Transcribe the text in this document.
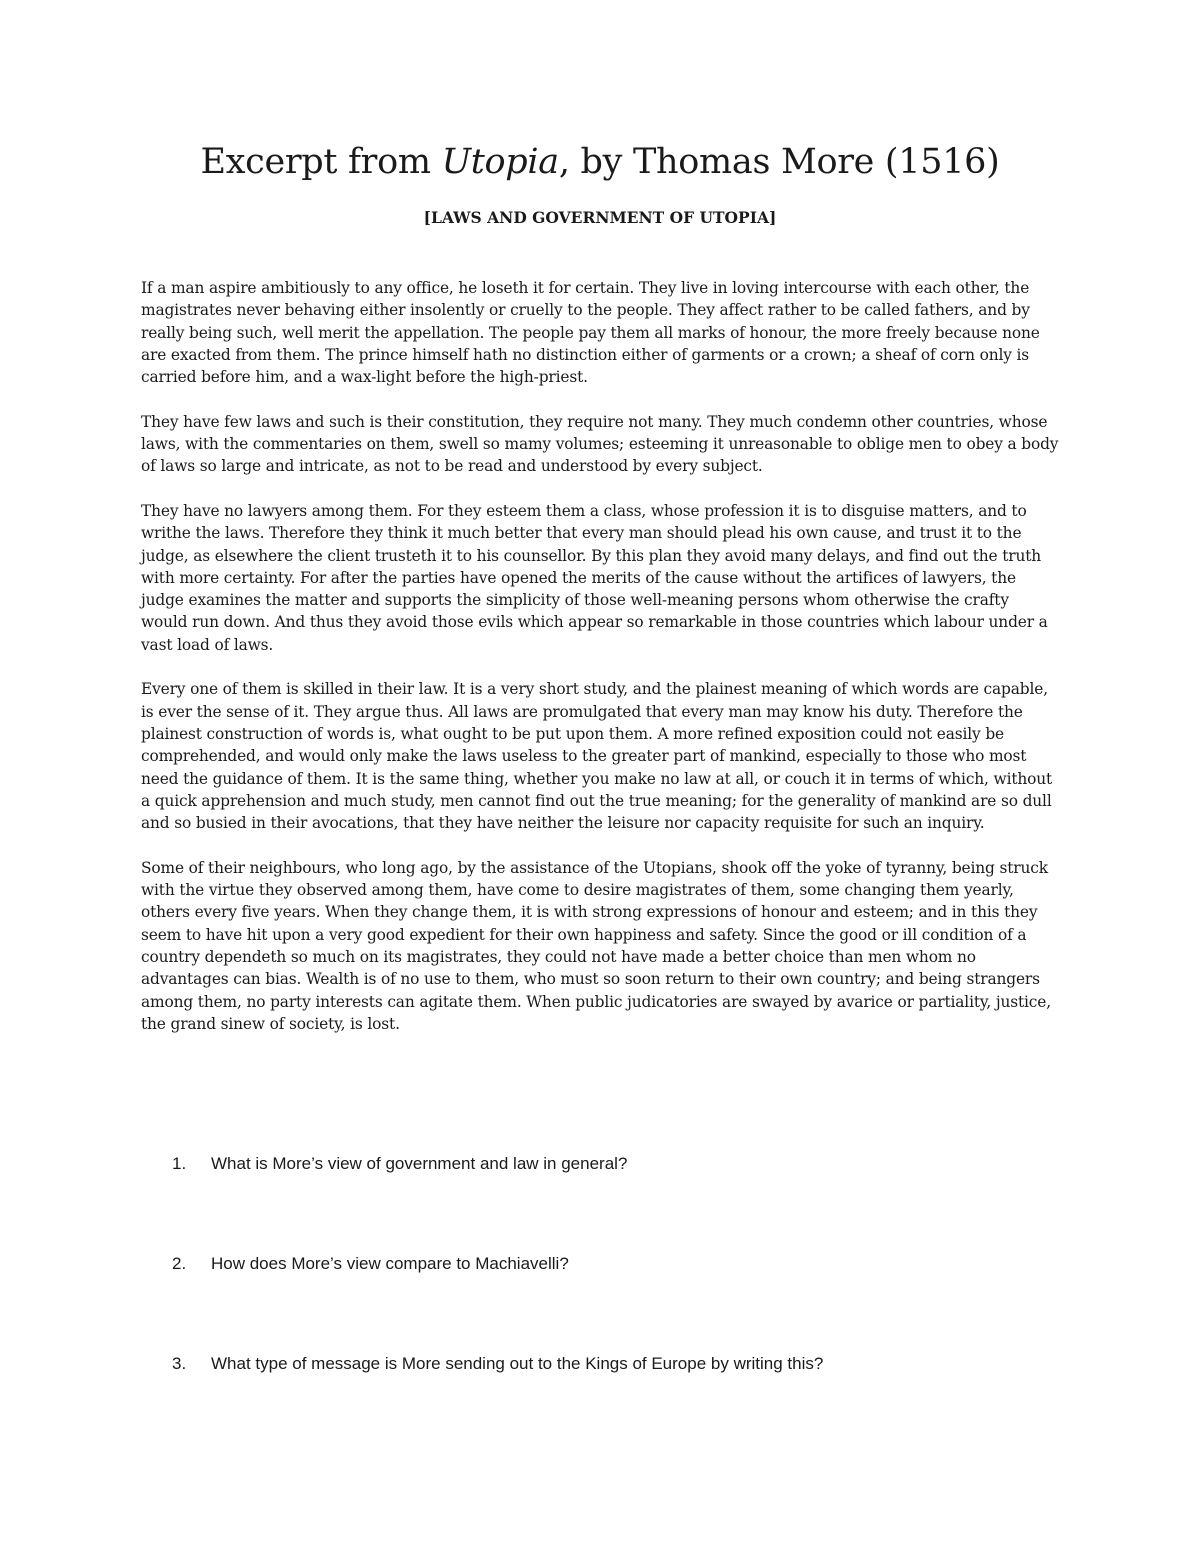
Excerpt from Utopia, by Thomas More (1516)
[LAWS AND GOVERNMENT OF UTOPIA]

If a man aspire ambitiously to any office, he loseth it for certain. They live in loving intercourse with each other, the magistrates never behaving either insolently or cruelly to the people. They affect rather to be called fathers, and by really being such, well merit the appellation. The people pay them all marks of honour, the more freely because none are exacted from them. The prince himself hath no distinction either of garments or a crown; a sheaf of corn only is carried before him, and a wax-light before the high-priest.

They have few laws and such is their constitution, they require not many. They much condemn other countries, whose laws, with the commentaries on them, swell so mamy volumes; esteeming it unreasonable to oblige men to obey a body of laws so large and intricate, as not to be read and understood by every subject.

They have no lawyers among them. For they esteem them a class, whose profession it is to disguise matters, and to writhe the laws. Therefore they think it much better that every man should plead his own cause, and trust it to the judge, as elsewhere the client trusteth it to his counsellor. By this plan they avoid many delays, and find out the truth with more certainty. For after the parties have opened the merits of the cause without the artifices of lawyers, the judge examines the matter and supports the simplicity of those well-meaning persons whom otherwise the crafty would run down. And thus they avoid those evils which appear so remarkable in those countries which labour under a vast load of laws.

Every one of them is skilled in their law. It is a very short study, and the plainest meaning of which words are capable, is ever the sense of it. They argue thus. All laws are promulgated that every man may know his duty. Therefore the plainest construction of words is, what ought to be put upon them. A more refined exposition could not easily be comprehended, and would only make the laws useless to the greater part of mankind, especially to those who most need the guidance of them. It is the same thing, whether you make no law at all, or couch it in terms of which, without a quick apprehension and much study, men cannot find out the true meaning; for the generality of mankind are so dull and so busied in their avocations, that they have neither the leisure nor capacity requisite for such an inquiry.

Some of their neighbours, who long ago, by the assistance of the Utopians, shook off the yoke of tyranny, being struck with the virtue they observed among them, have come to desire magistrates of them, some changing them yearly, others every five years. When they change them, it is with strong expressions of honour and esteem; and in this they seem to have hit upon a very good expedient for their own happiness and safety. Since the good or ill condition of a country dependeth so much on its magistrates, they could not have made a better choice than men whom no advantages can bias. Wealth is of no use to them, who must so soon return to their own country; and being strangers among them, no party interests can agitate them. When public judicatories are swayed by avarice or partiality, justice, the grand sinew of society, is lost.

1. What is More’s view of government and law in general?
2. How does More’s view compare to Machiavelli?
3. What type of message is More sending out to the Kings of Europe by writing this?
